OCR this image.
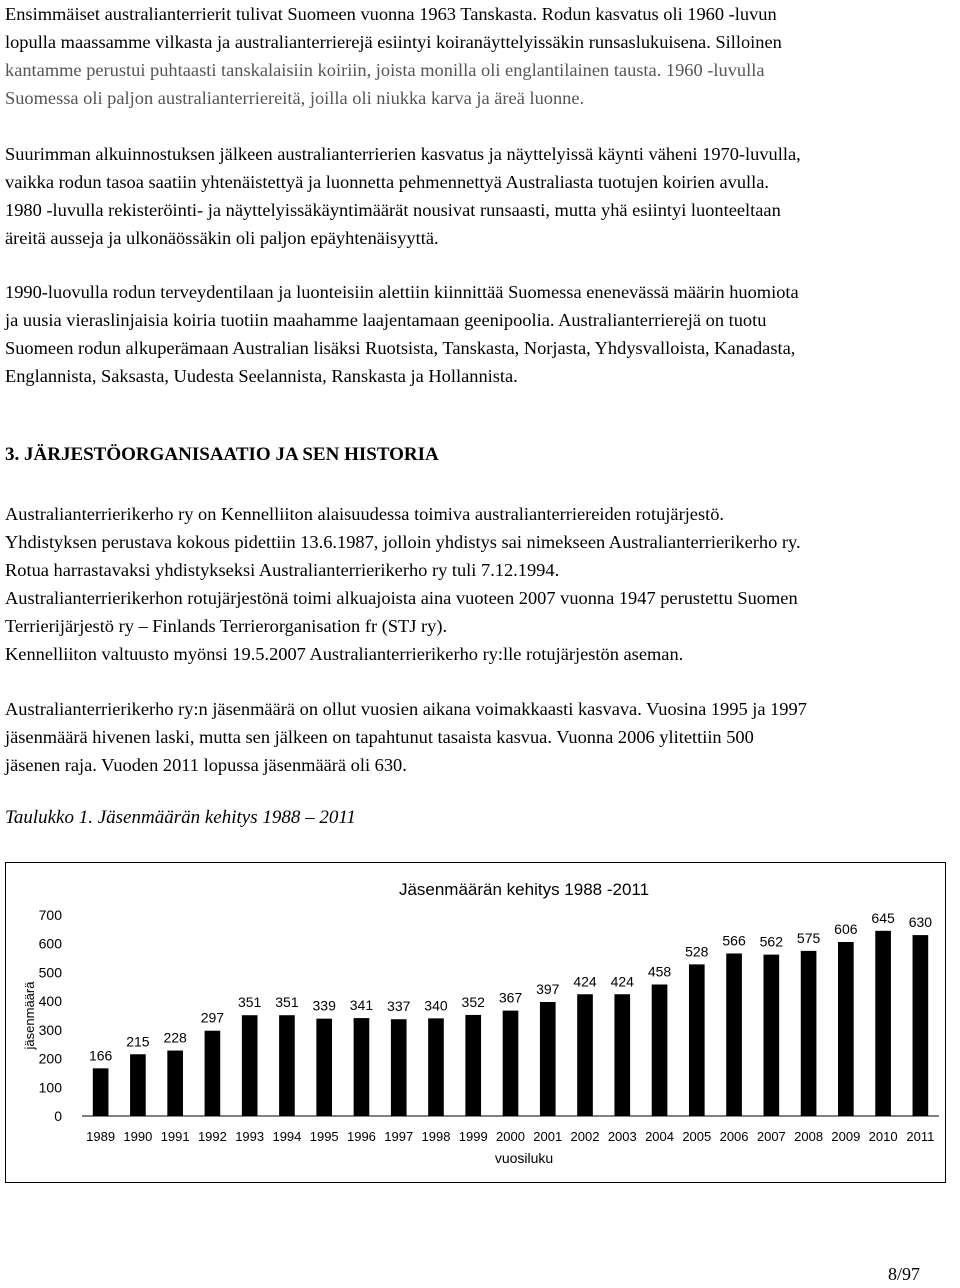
Ensimmäiset australianterrierit tulivat Suomeen vuonna 1963 Tanskasta. Rodun kasvatus oli 1960 -luvun

lopulla maassamme vilkasta ja australianterrierejä esiintyi koiranäyttelyissäkin runsaslukuisena. Silloinen

kantamme perustui puhtaasti tanskalaisiin koiriin, joista monilla oli englantilainen tausta. 1960 -luvulla

Suomessa oli paljon australianterriereitä, joilla oli niukka karva ja äreä luonne.

Suurimman alkuinnostuksen jälkeen australianterrierien kasvatus ja näyttelyissä käynti väheni 1970-luvulla,

vaikka rodun tasoa saatiin yhtenäistettyä ja luonnetta pehmennettyä Australiasta tuotujen koirien avulla.

1980 -luvulla rekisteröinti- ja näyttelyissäkäyntimäärät nousivat runsaasti, mutta yhä esiintyi luonteeltaan

äreitä ausseja ja ulkonäössäkin oli paljon epäyhtenäisyyttä.

1990-luovulla rodun terveydentilaan ja luonteisiin alettiin kiinnittää Suomessa enenevässä määrin huomiota

ja uusia vieraslinjaisia koiria tuotiin maahamme laajentamaan geenipoolia. Australianterrierejä on tuotu

Suomeen rodun alkuperämaan Australian lisäksi Ruotsista, Tanskasta, Norjasta, Yhdysvalloista, Kanadasta,

Englannista, Saksasta, Uudesta Seelannista, Ranskasta ja Hollannista.

3. JÄRJESTÖORGANISAATIO JA SEN HISTORIA

Australianterrierikerho ry on Kennelliiton alaisuudessa toimiva australianterriereiden rotujärjestö.

Yhdistyksen perustava kokous pidettiin 13.6.1987, jolloin yhdistys sai nimekseen Australianterrierikerho ry.

Rotua harrastavaksi yhdistykseksi Australianterrierikerho ry tuli 7.12.1994.

Australianterrierikerhon rotujärjestönä toimi alkuajoista aina vuoteen 2007 vuonna 1947 perustettu Suomen

Terrierijärjestö ry – Finlands Terrierorganisation fr (STJ ry).

Kennelliiton valtuusto myönsi 19.5.2007 Australianterrierikerho ry:lle rotujärjestön aseman.

Australianterrierikerho ry:n jäsenmäärä on ollut vuosien aikana voimakkaasti kasvava. Vuosina 1995 ja 1997

jäsenmäärä hivenen laski, mutta sen jälkeen on tapahtunut tasaista kasvua. Vuonna 2006 ylitettiin 500

jäsenen raja. Vuoden 2011 lopussa jäsenmäärä oli 630.

Taulukko 1. Jäsenmäärän kehitys 1988 – 2011

Jäsenmäärän kehitys 1988 -2011
jäsenmäärä
vuosiluku
0
100
200
300
400
500
600
700
166
215 228
297
351 351 339 341 337 340 352 367
397 424 424
458
528
566 562 575
606
645 630
1989 1990 1991 1992 1993 1994 1995 1996 1997 1998 1999 2000 2001 2002 2003 2004 2005 2006 2007 2008 2009 2010 2011
8/97
